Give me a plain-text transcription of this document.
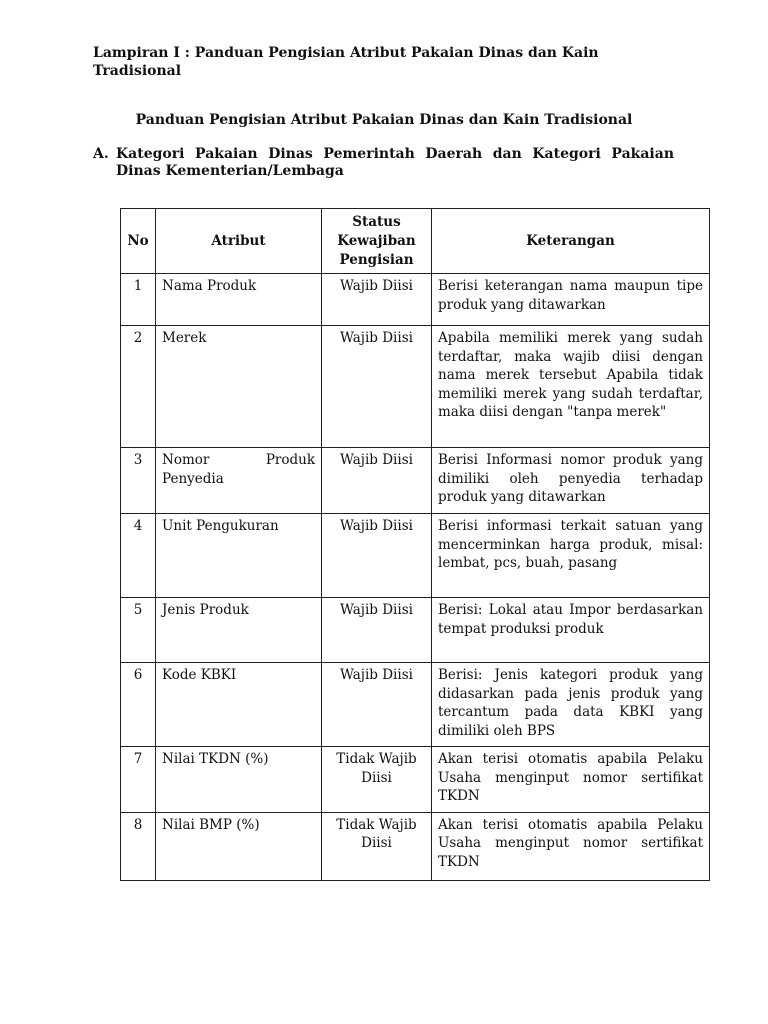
Lampiran I : Panduan Pengisian Atribut Pakaian Dinas dan Kain Tradisional

Panduan Pengisian Atribut Pakaian Dinas dan Kain Tradisional

A. Kategori Pakaian Dinas Pemerintah Daerah dan Kategori Pakaian
Dinas Kementerian/Lembaga
No	Atribut	Status Kewajiban Pengisian	Keterangan
1	Nama Produk	Wajib Diisi	Berisi keterangan nama maupun tipe produk yang ditawarkan
2	Merek	Wajib Diisi	Apabila memiliki merek yang sudah terdaftar, maka wajib diisi dengan nama merek tersebut Apabila tidak memiliki merek yang sudah terdaftar, maka diisi dengan "tanpa merek"
3	Nomor Produk Penyedia	Wajib Diisi	Berisi Informasi nomor produk yang dimiliki oleh penyedia terhadap produk yang ditawarkan
4	Unit Pengukuran	Wajib Diisi	Berisi informasi terkait satuan yang mencerminkan harga produk, misal: lembat, pcs, buah, pasang
5	Jenis Produk	Wajib Diisi	Berisi: Lokal atau Impor berdasarkan tempat produksi produk
6	Kode KBKI	Wajib Diisi	Berisi: Jenis kategori produk yang didasarkan pada jenis produk yang tercantum pada data KBKI yang dimiliki oleh BPS
7	Nilai TKDN (%)	Tidak Wajib Diisi	Akan terisi otomatis apabila Pelaku Usaha menginput nomor sertifikat TKDN
8	Nilai BMP (%)	Tidak Wajib Diisi	Akan terisi otomatis apabila Pelaku Usaha menginput nomor sertifikat TKDN
